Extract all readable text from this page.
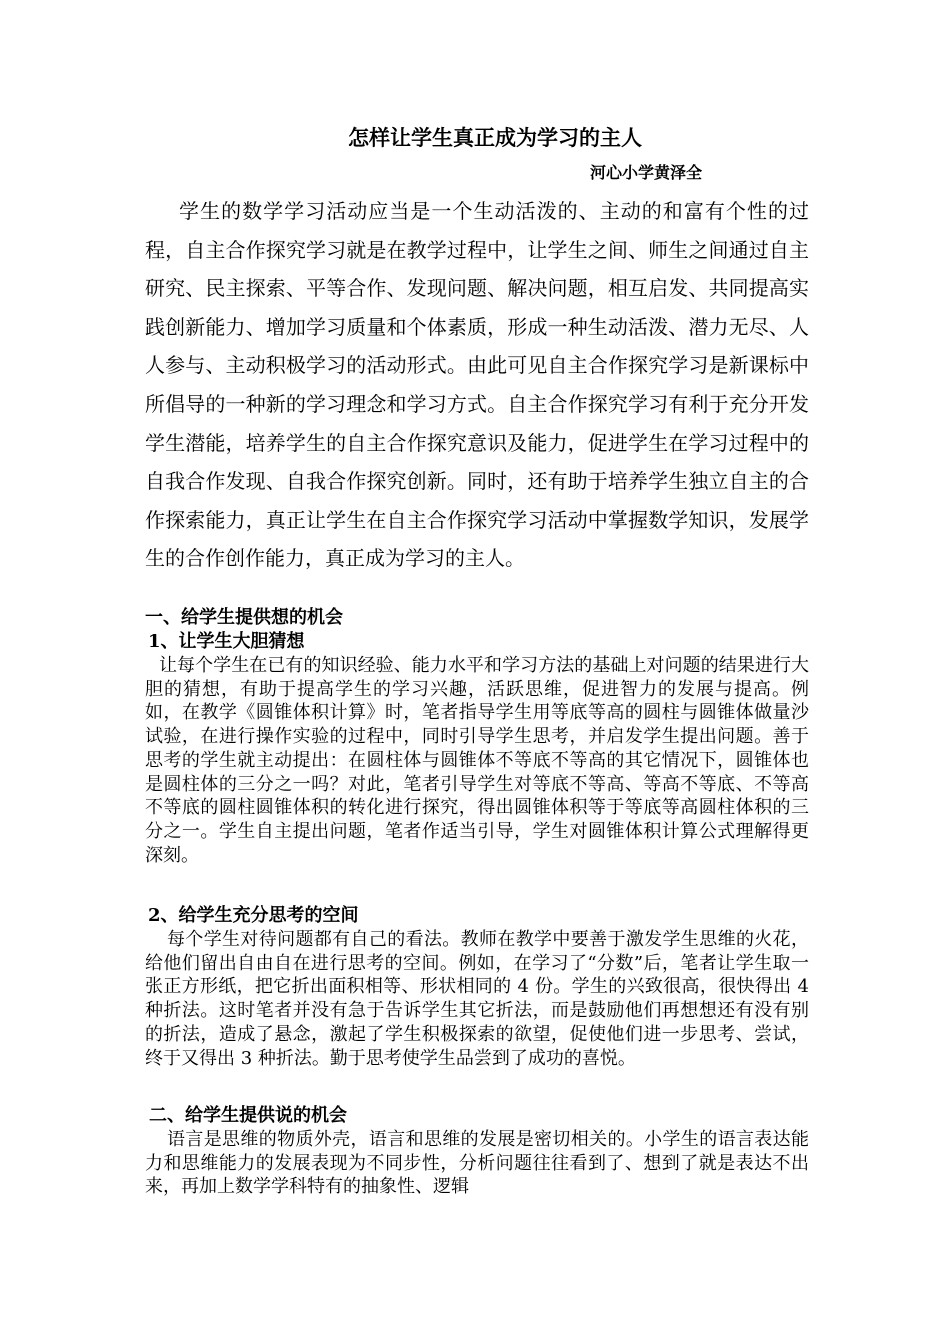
怎样让学生真正成为学习的主人

河心小学黄泽全

学生的数学学习活动应当是一个生动活泼的、主动的和富有个性的过程，自主合作探究学习就是在教学过程中，让学生之间、师生之间通过自主研究、民主探索、平等合作、发现问题、解决问题，相互启发、共同提高实践创新能力、增加学习质量和个体素质，形成一种生动活泼、潜力无尽、人人参与、主动积极学习的活动形式。由此可见自主合作探究学习是新课标中所倡导的一种新的学习理念和学习方式。自主合作探究学习有利于充分开发学生潜能，培养学生的自主合作探究意识及能力，促进学生在学习过程中的自我合作发现、自我合作探究创新。同时，还有助于培养学生独立自主的合作探索能力，真正让学生在自主合作探究学习活动中掌握数学知识，发展学生的合作创作能力，真正成为学习的主人。

一、给学生提供想的机会
1、让学生大胆猜想

让每个学生在已有的知识经验、能力水平和学习方法的基础上对问题的结果进行大胆的猜想，有助于提高学生的学习兴趣，活跃思维，促进智力的发展与提高。例如，在教学《圆锥体积计算》时，笔者指导学生用等底等高的圆柱与圆锥体做量沙试验，在进行操作实验的过程中，同时引导学生思考，并启发学生提出问题。善于思考的学生就主动提出：在圆柱体与圆锥体不等底不等高的其它情况下，圆锥体也是圆柱体的三分之一吗？对此，笔者引导学生对等底不等高、等高不等底、不等高不等底的圆柱圆锥体积的转化进行探究，得出圆锥体积等于等底等高圆柱体积的三分之一。学生自主提出问题，笔者作适当引导，学生对圆锥体积计算公式理解得更深刻。

2、给学生充分思考的空间

每个学生对待问题都有自己的看法。教师在教学中要善于激发学生思维的火花，给他们留出自由自在进行思考的空间。例如，在学习了“分数”后，笔者让学生取一张正方形纸，把它折出面积相等、形状相同的 4 份。学生的兴致很高，很快得出 4 种折法。这时笔者并没有急于告诉学生其它折法，而是鼓励他们再想想还有没有别的折法，造成了悬念，激起了学生积极探索的欲望，促使他们进一步思考、尝试，终于又得出 3 种折法。勤于思考使学生品尝到了成功的喜悦。

二、给学生提供说的机会

语言是思维的物质外壳，语言和思维的发展是密切相关的。小学生的语言表达能力和思维能力的发展表现为不同步性，分析问题往往看到了、想到了就是表达不出来，再加上数学学科特有的抽象性、逻辑
